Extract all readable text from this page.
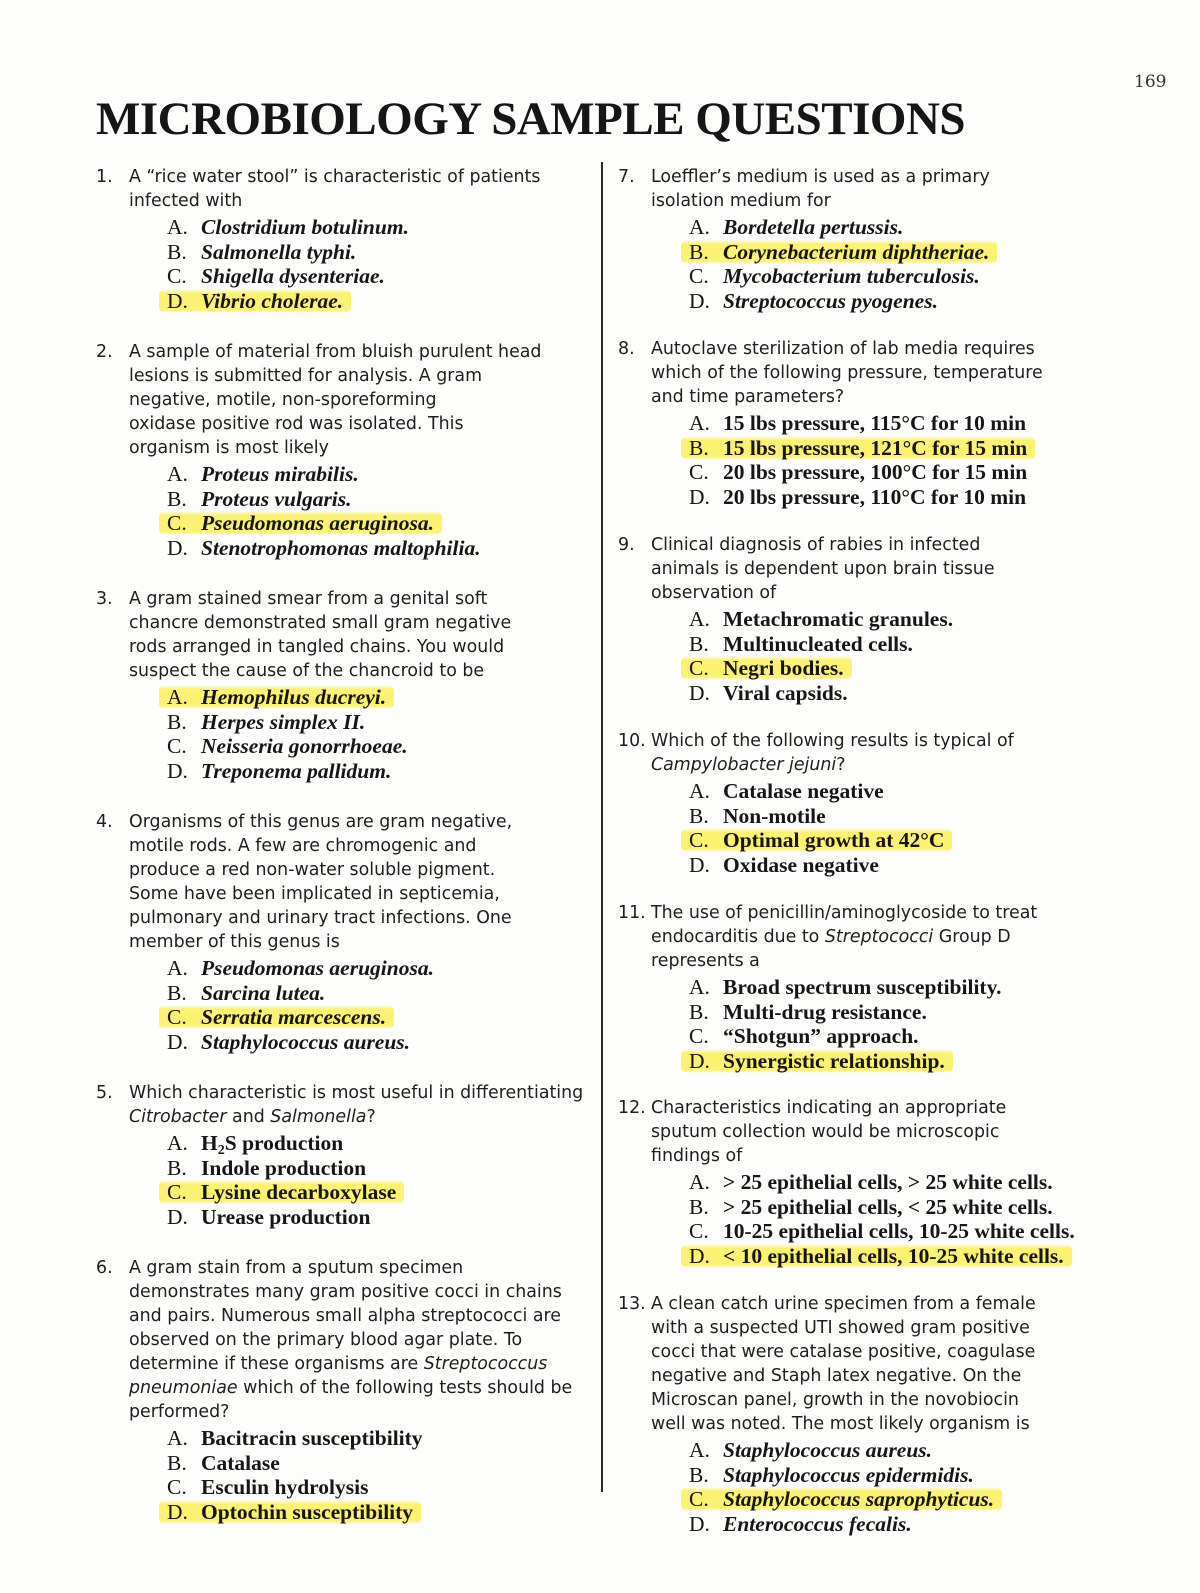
169
MICROBIOLOGY SAMPLE QUESTIONS
1. A “rice water stool” is characteristic of patients
infected with
A. Clostridium botulinum.
B. Salmonella typhi.
C. Shigella dysenteriae.
D. Vibrio cholerae.
2. A sample of material from bluish purulent head
lesions is submitted for analysis. A gram
negative, motile, non-sporeforming
oxidase positive rod was isolated. This
organism is most likely
A. Proteus mirabilis.
B. Proteus vulgaris.
C. Pseudomonas aeruginosa.
D. Stenotrophomonas maltophilia.
3. A gram stained smear from a genital soft
chancre demonstrated small gram negative
rods arranged in tangled chains. You would
suspect the cause of the chancroid to be
A. Hemophilus ducreyi.
B. Herpes simplex II.
C. Neisseria gonorrhoeae.
D. Treponema pallidum.
4. Organisms of this genus are gram negative,
motile rods. A few are chromogenic and
produce a red non-water soluble pigment.
Some have been implicated in septicemia,
pulmonary and urinary tract infections. One
member of this genus is
A. Pseudomonas aeruginosa.
B. Sarcina lutea.
C. Serratia marcescens.
D. Staphylococcus aureus.
5. Which characteristic is most useful in differentiating Citrobacter and Salmonella?
A. $H_2S$ production
B. Indole production
C. Lysine decarboxylase
D. Urease production
6. A gram stain from a sputum specimen demonstrates many gram positive cocci in chains and pairs. Numerous small alpha streptococci are observed on the primary blood agar plate. To determine if these organisms are Streptococcus pneumoniae which of the following tests should be performed?
A. Bacitracin susceptibility
B. Catalase
C. Esculin hydrolysis
D. Optochin susceptibility
7. Loeffler’s medium is used as a primary
isolation medium for
A. Bordetella pertussis.
B. Corynebacterium diphtheriae.
C. Mycobacterium tuberculosis.
D. Streptococcus pyogenes.
8. Autoclave sterilization of lab media requires
which of the following pressure, temperature
and time parameters?
A. 15 lbs pressure, 115°C for 10 min
B. 15 lbs pressure, 121°C for 15 min
C. 20 lbs pressure, 100°C for 15 min
D. 20 lbs pressure, 110°C for 10 min
9. Clinical diagnosis of rabies in infected
animals is dependent upon brain tissue
observation of
A. Metachromatic granules.
B. Multinucleated cells.
C. Negri bodies.
D. Viral capsids.
10. Which of the following results is typical of Campylobacter jejuni?
A. Catalase negative
B. Non-motile
C. Optimal growth at 42°C
D. Oxidase negative
11. The use of penicillin/aminoglycoside to treat endocarditis due to Streptococci Group D represents a
A. Broad spectrum susceptibility.
B. Multi-drug resistance.
C. “Shotgun” approach.
D. Synergistic relationship.
12. Characteristics indicating an appropriate
sputum collection would be microscopic
findings of
A. > 25 epithelial cells, > 25 white cells.
B. > 25 epithelial cells, < 25 white cells.
C. 10-25 epithelial cells, 10-25 white cells.
D. < 10 epithelial cells, 10-25 white cells.
13. A clean catch urine specimen from a female
with a suspected UTI showed gram positive
cocci that were catalase positive, coagulase
negative and Staph latex negative. On the
Microscan panel, growth in the novobiocin
well was noted. The most likely organism is
A. Staphylococcus aureus.
B. Staphylococcus epidermidis.
C. Staphylococcus saprophyticus.
D. Enterococcus fecalis.
